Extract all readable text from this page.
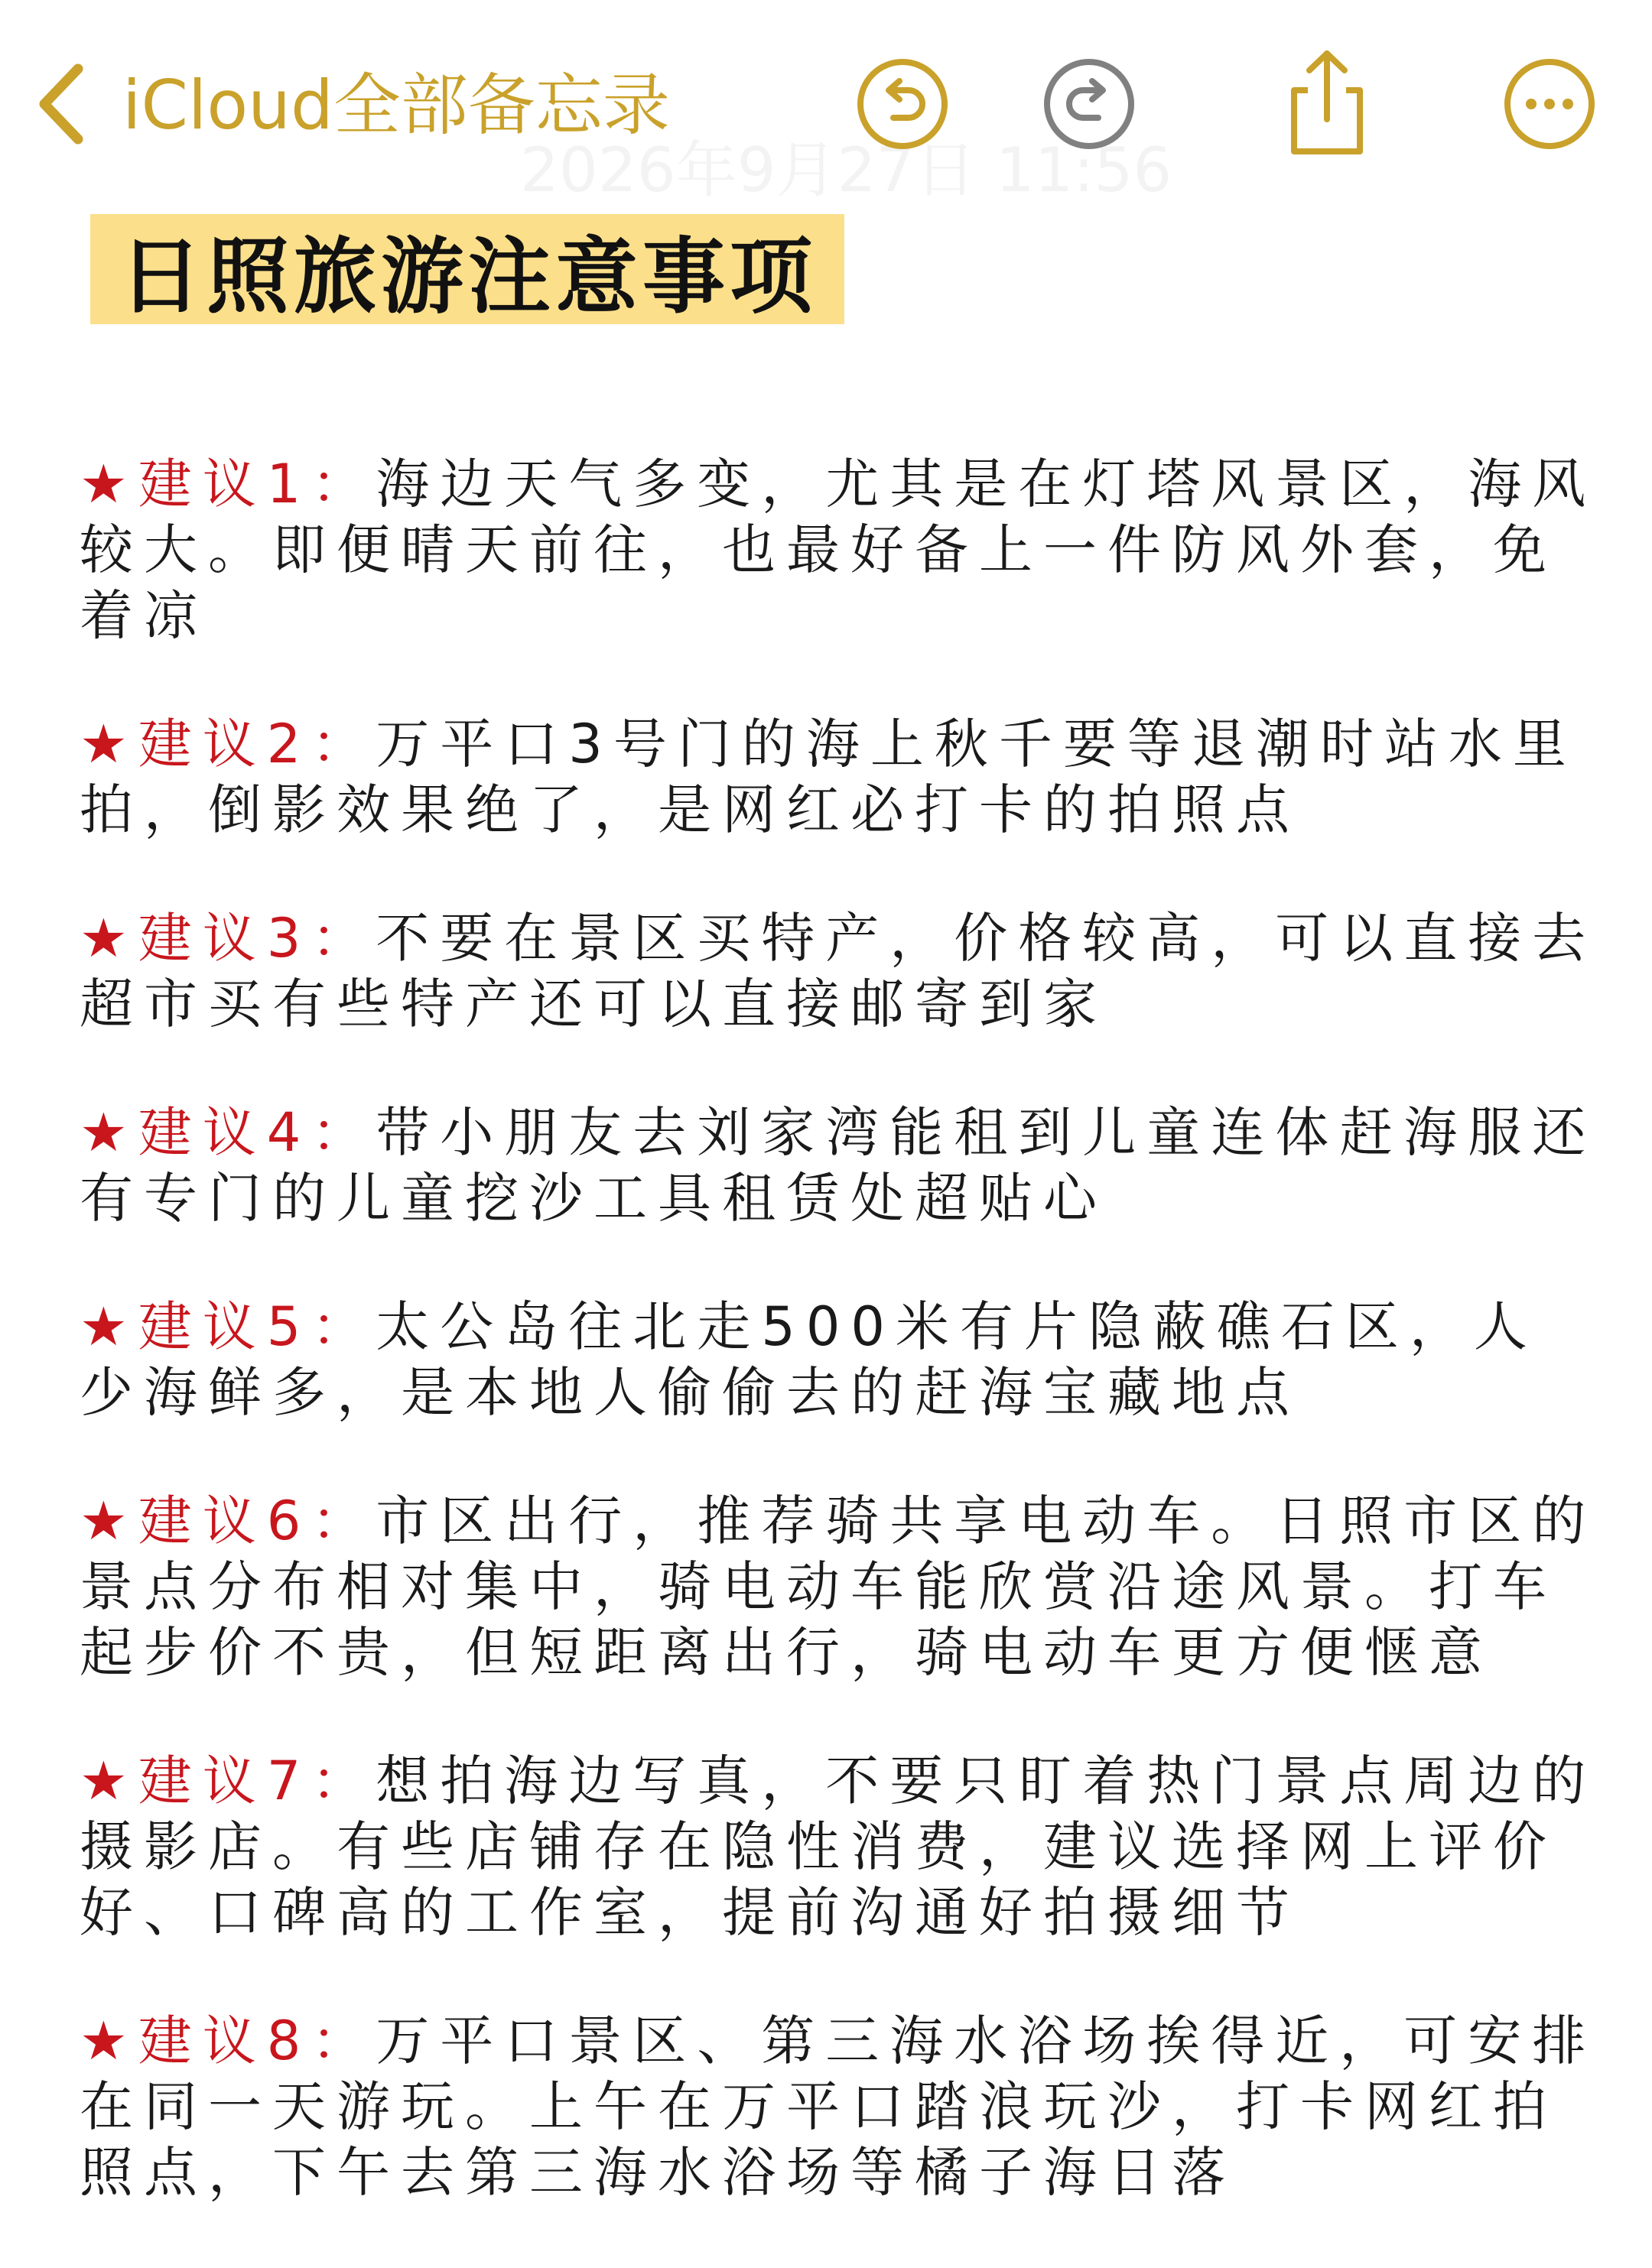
iCloud全部备忘录
2026年9月27日 11:56
日照旅游注意事项

★建议1：海边天气多变，尤其是在灯塔风景区，海风较大。即便晴天前往，也最好备上一件防风外套，免着凉

★建议2：万平口3号门的海上秋千要等退潮时站水里拍，倒影效果绝了，是网红必打卡的拍照点

★建议3：不要在景区买特产，价格较高，可以直接去超市买有些特产还可以直接邮寄到家

★建议4：带小朋友去刘家湾能租到儿童连体赶海服还有专门的儿童挖沙工具租赁处超贴心

★建议5：太公岛往北走500米有片隐蔽礁石区，人少海鲜多，是本地人偷偷去的赶海宝藏地点

★建议6：市区出行，推荐骑共享电动车。日照市区的景点分布相对集中，骑电动车能欣赏沿途风景。打车起步价不贵，但短距离出行，骑电动车更方便惬意

★建议7：想拍海边写真，不要只盯着热门景点周边的摄影店。有些店铺存在隐性消费，建议选择网上评价好、口碑高的工作室，提前沟通好拍摄细节

★建议8：万平口景区、第三海水浴场挨得近，可安排在同一天游玩。上午在万平口踏浪玩沙，打卡网红拍照点，下午去第三海水浴场等橘子海日落
